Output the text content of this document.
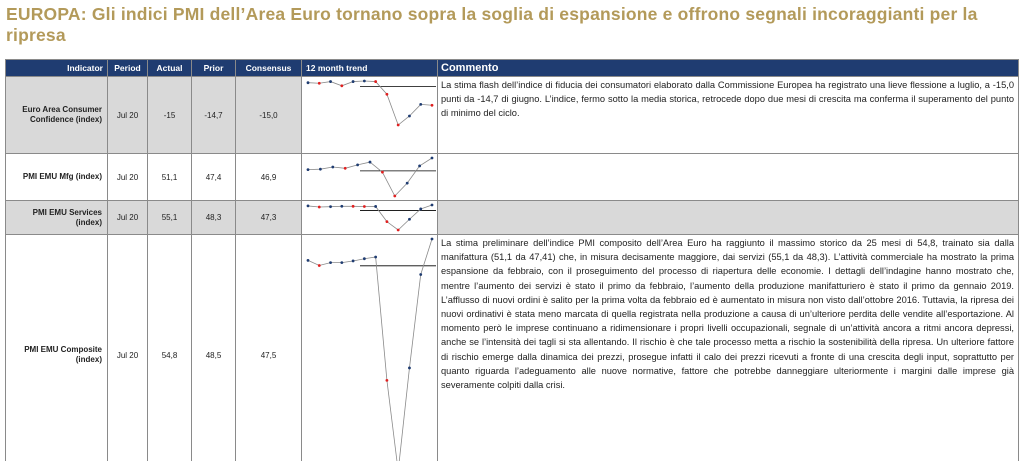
EUROPA: Gli indici PMI dell’Area Euro tornano sopra la soglia di espansione e offrono segnali incoraggianti per la ripresa
Indicator	Period	Actual	Prior	Consensus	12 month trend	Commento
Euro Area Consumer Confidence (index)	Jul 20	-15	-14,7	-15,0		La stima flash dell’indice di fiducia dei consumatori elaborato dalla Commissione Europea ha registrato una lieve flessione a luglio, a -15,0 punti da -14,7 di giugno. L’indice, fermo sotto la media storica, retrocede dopo due mesi di crescita ma conferma il superamento del punto di minimo del ciclo.
PMI EMU Mfg (index)	Jul 20	51,1	47,4	46,9	

PMI EMU Services (index)	Jul 20	55,1	48,3	47,3	

PMI EMU Composite (index)	Jul 20	54,8	48,5	47,5		La stima preliminare dell’indice PMI composito dell’Area Euro ha raggiunto il massimo storico da 25 mesi di 54,8, trainato sia dalla manifattura (51,1 da 47,41) che, in misura decisamente maggiore, dai servizi (55,1 da 48,3). L’attività commerciale ha mostrato la prima espansione da febbraio, con il proseguimento del processo di riapertura delle economie. I dettagli dell’indagine hanno mostrato che, mentre l’aumento dei servizi è stato il primo da febbraio, l’aumento della produzione manifatturiero è stato il primo da gennaio 2019. L’afflusso di nuovi ordini è salito per la prima volta da febbraio ed è aumentato in misura non visto dall’ottobre 2016. Tuttavia, la ripresa dei nuovi ordinativi è stata meno marcata di quella registrata nella produzione a causa di un’ulteriore perdita delle vendite all’esportazione. Al momento però le imprese continuano a ridimensionare i propri livelli occupazionali, segnale di un’attività ancora a ritmi ancora depressi, anche se l’intensità dei tagli si sta allentando. Il rischio è che tale processo metta a rischio la sostenibilità della ripresa. Un ulteriore fattore di rischio emerge dalla dinamica dei prezzi, prosegue infatti il calo dei prezzi ricevuti a fronte di una crescita degli input, soprattutto per quanto riguarda l’adeguamento alle nuove normative, fattore che potrebbe danneggiare ulteriormente i margini dalle imprese già severamente colpiti dalla crisi.
